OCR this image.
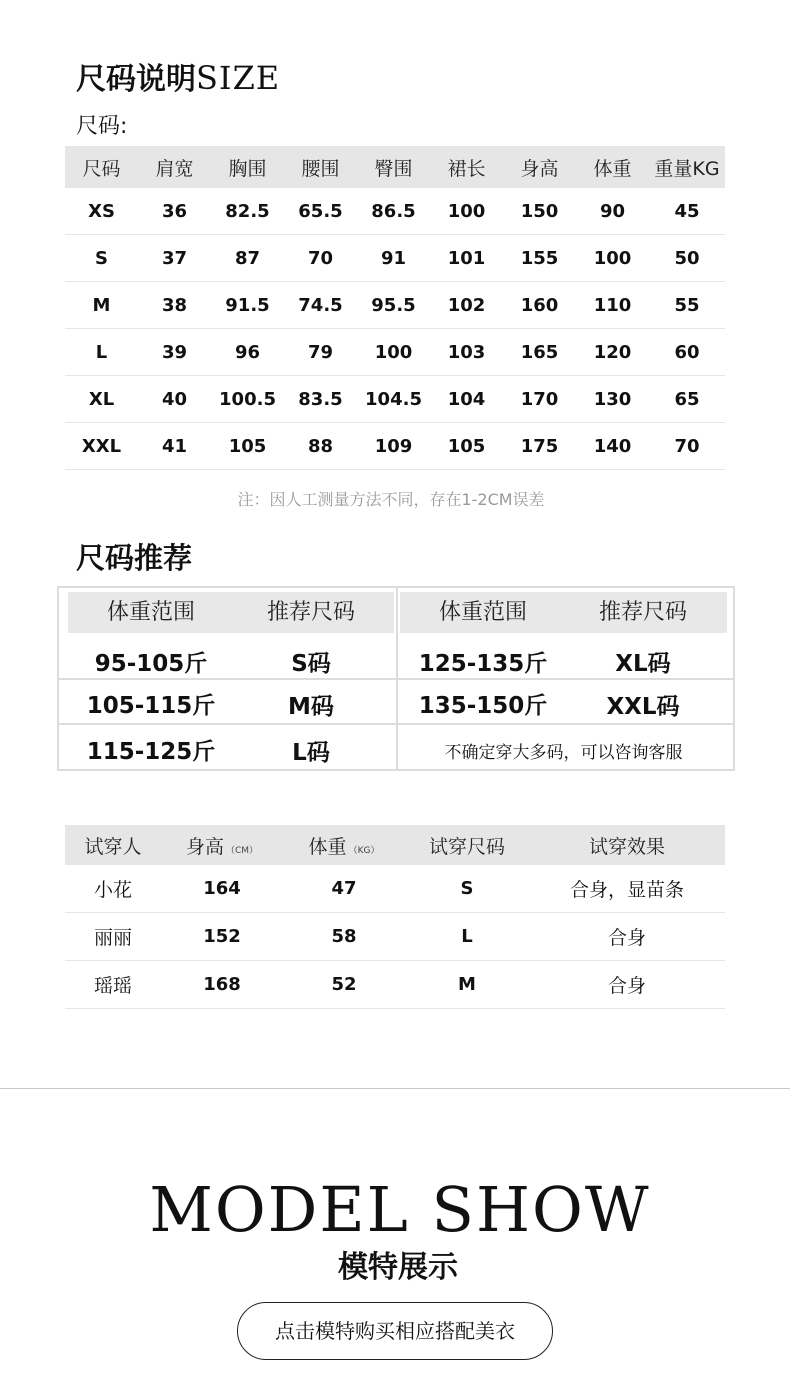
尺码说明SIZE
尺码:
尺码	肩宽	胸围	腰围	臀围	裙长	身高	体重	重量KG
XS	36	82.5	65.5	86.5	100	150	90	45
S	37	87	70	91	101	155	100	50
M	38	91.5	74.5	95.5	102	160	110	55
L	39	96	79	100	103	165	120	60
XL	40	100.5	83.5	104.5	104	170	130	65
XXL	41	105	88	109	105	175	140	70
注：因人工测量方法不同，存在1-2CM误差
尺码推荐
体重范围	推荐尺码	体重范围	推荐尺码
95-105斤	S码
105-115斤	M码
115-125斤	L码
125-135斤	XL码
135-150斤	XXL码
不确定穿大多码，可以咨询客服
试穿人	身高 （CM）	体重 （KG）	试穿尺码	试穿效果
小花	164	47	S	合身，显苗条
丽丽	152	58	L	合身
瑶瑶	168	52	M	合身
MODEL SHOW
模特展示
点击模特购买相应搭配美衣
